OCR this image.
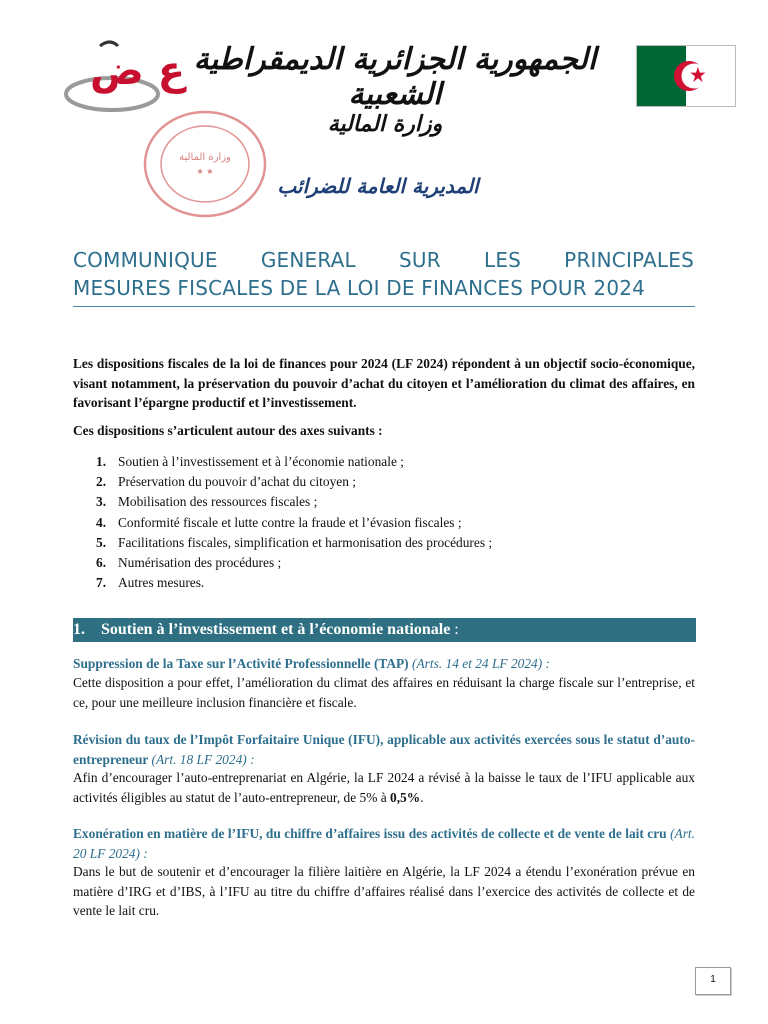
ع ض
وزارة المالية
★ ★
الجمهورية الجزائرية الديمقراطية الشعبية
وزارة المالية
المديرية العامة للضرائب
COMMUNIQUE GENERAL SUR LES PRINCIPALES
MESURES FISCALES DE LA LOI DE FINANCES POUR 2024
Les dispositions fiscales de la loi de finances pour 2024 (LF 2024) répondent à un objectif socio-économique, visant notamment, la préservation du pouvoir d’achat du citoyen et l’amélioration du climat des affaires, en favorisant l’épargne productif et l’investissement.
Ces dispositions s’articulent autour des axes suivants :
1. Soutien à l’investissement et à l’économie nationale ;
2. Préservation du pouvoir d’achat du citoyen ;
3. Mobilisation des ressources fiscales ;
4. Conformité fiscale et lutte contre la fraude et l’évasion fiscales ;
5. Facilitations fiscales, simplification et harmonisation des procédures ;
6. Numérisation des procédures ;
7. Autres mesures.
1.	Soutien à l’investissement et à l’économie nationale :
Suppression de la Taxe sur l’Activité Professionnelle (TAP) (Arts. 14 et 24 LF 2024) :
Cette disposition a pour effet, l’amélioration du climat des affaires en réduisant la charge fiscale sur l’entreprise, et ce, pour une meilleure inclusion financière et fiscale.
Révision du taux de l’Impôt Forfaitaire Unique (IFU), applicable aux activités exercées sous le statut d’auto-entrepreneur (Art. 18 LF 2024) :
Afin d’encourager l’auto-entreprenariat en Algérie, la LF 2024 a révisé à la baisse le taux de l’IFU applicable aux activités éligibles au statut de l’auto-entrepreneur, de 5% à 0,5%.
Exonération en matière de l’IFU, du chiffre d’affaires issu des activités de collecte et de vente de lait cru (Art. 20 LF 2024) :
Dans le but de soutenir et d’encourager la filière laitière en Algérie, la LF 2024 a étendu l’exonération prévue en matière d’IRG et d’IBS, à l’IFU au titre du chiffre d’affaires réalisé dans l’exercice des activités de collecte et de vente le lait cru.
1
